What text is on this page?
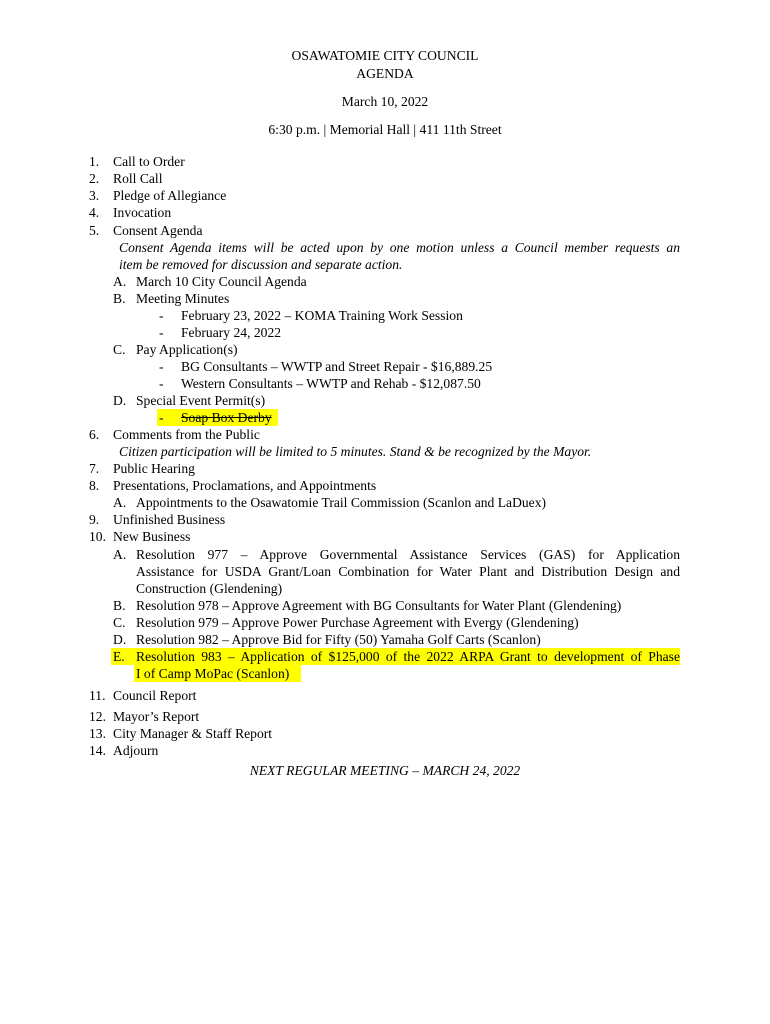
OSAWATOMIE CITY COUNCIL
AGENDA
March 10, 2022
6:30 p.m. | Memorial Hall | 411 11th Street
1. Call to Order
2. Roll Call
3. Pledge of Allegiance
4. Invocation
5. Consent Agenda
Consent Agenda items will be acted upon by one motion unless a Council member requests an
item be removed for discussion and separate action.
A. March 10 City Council Agenda
B. Meeting Minutes
- February 23, 2022 – KOMA Training Work Session
- February 24, 2022
C. Pay Application(s)
- BG Consultants – WWTP and Street Repair - $16,889.25
- Western Consultants – WWTP and Rehab - $12,087.50
D. Special Event Permit(s)

- Soap Box Derby
6. Comments from the Public
Citizen participation will be limited to 5 minutes. Stand & be recognized by the Mayor.
7. Public Hearing
8. Presentations, Proclamations, and Appointments
A. Appointments to the Osawatomie Trail Commission (Scanlon and LaDuex)
9. Unfinished Business
10. New Business
A. Resolution 977 – Approve Governmental Assistance Services (GAS) for Application
Assistance for USDA Grant/Loan Combination for Water Plant and Distribution Design and
Construction (Glendening)
B. Resolution 978 – Approve Agreement with BG Consultants for Water Plant (Glendening)
C. Resolution 979 – Approve Power Purchase Agreement with Evergy (Glendening)
D. Resolution 982 – Approve Bid for Fifty (50) Yamaha Golf Carts (Scanlon)
E. Resolution 983 – Application of $125,000 of the 2022 ARPA Grant to development of Phase
I of Camp MoPac (Scanlon)
11. Council Report
12. Mayor’s Report
13. City Manager & Staff Report
14. Adjourn
NEXT REGULAR MEETING – MARCH 24, 2022
